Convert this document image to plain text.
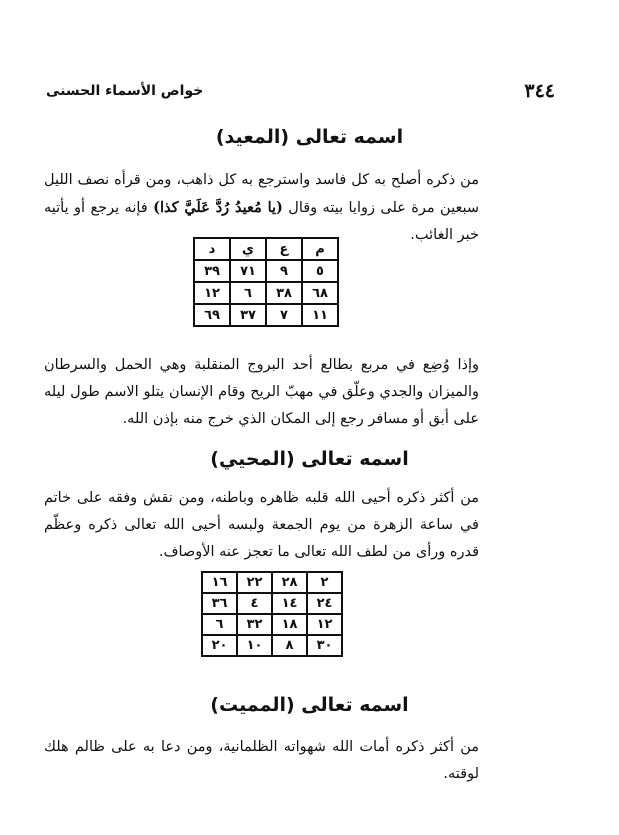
٣٤٤
خواص الأسماء الحسنى
اسمه تعالى (المعيد)
من ذكره أصلح به كل فاسد واسترجع به كل ذاهب، ومن قرأه نصف الليل سبعين مرة على زوايا بيته وقال (يا مُعيدُ رُدَّ عَلَيَّ كذا) فإنه يرجع أو يأتيه خبر الغائب.
م	ع	ي	د
٥	٩	٧١	٣٩
٦٨	٣٨	٦	١٢
١١	٧	٣٧	٦٩
وإذا وُضِع في مربع بطالع أحد البروج المنقلبة وهي الحمل والسرطان والميزان والجدي وعلّق في مهبّ الريح وقام الإنسان يتلو الاسم طول ليله على أبق أو مسافر رجع إلى المكان الذي خرج منه بإذن الله.
اسمه تعالى (المحيي)
من أكثر ذكره أحيى الله قلبه ظاهره وباطنه، ومن نقش وفقه على خاتم في ساعة الزهرة من يوم الجمعة ولبسه أحيى الله تعالى ذكره وعظّم قدره ورأى من لطف الله تعالى ما تعجز عنه الأوصاف.
٢	٢٨	٢٢	١٦
٢٤	١٤	٤	٣٦
١٢	١٨	٣٢	٦
٣٠	٨	١٠	٢٠
اسمه تعالى (المميت)
من أكثر ذكره أمات الله شهواته الظلمانية، ومن دعا به على ظالم هلك لوقته.
